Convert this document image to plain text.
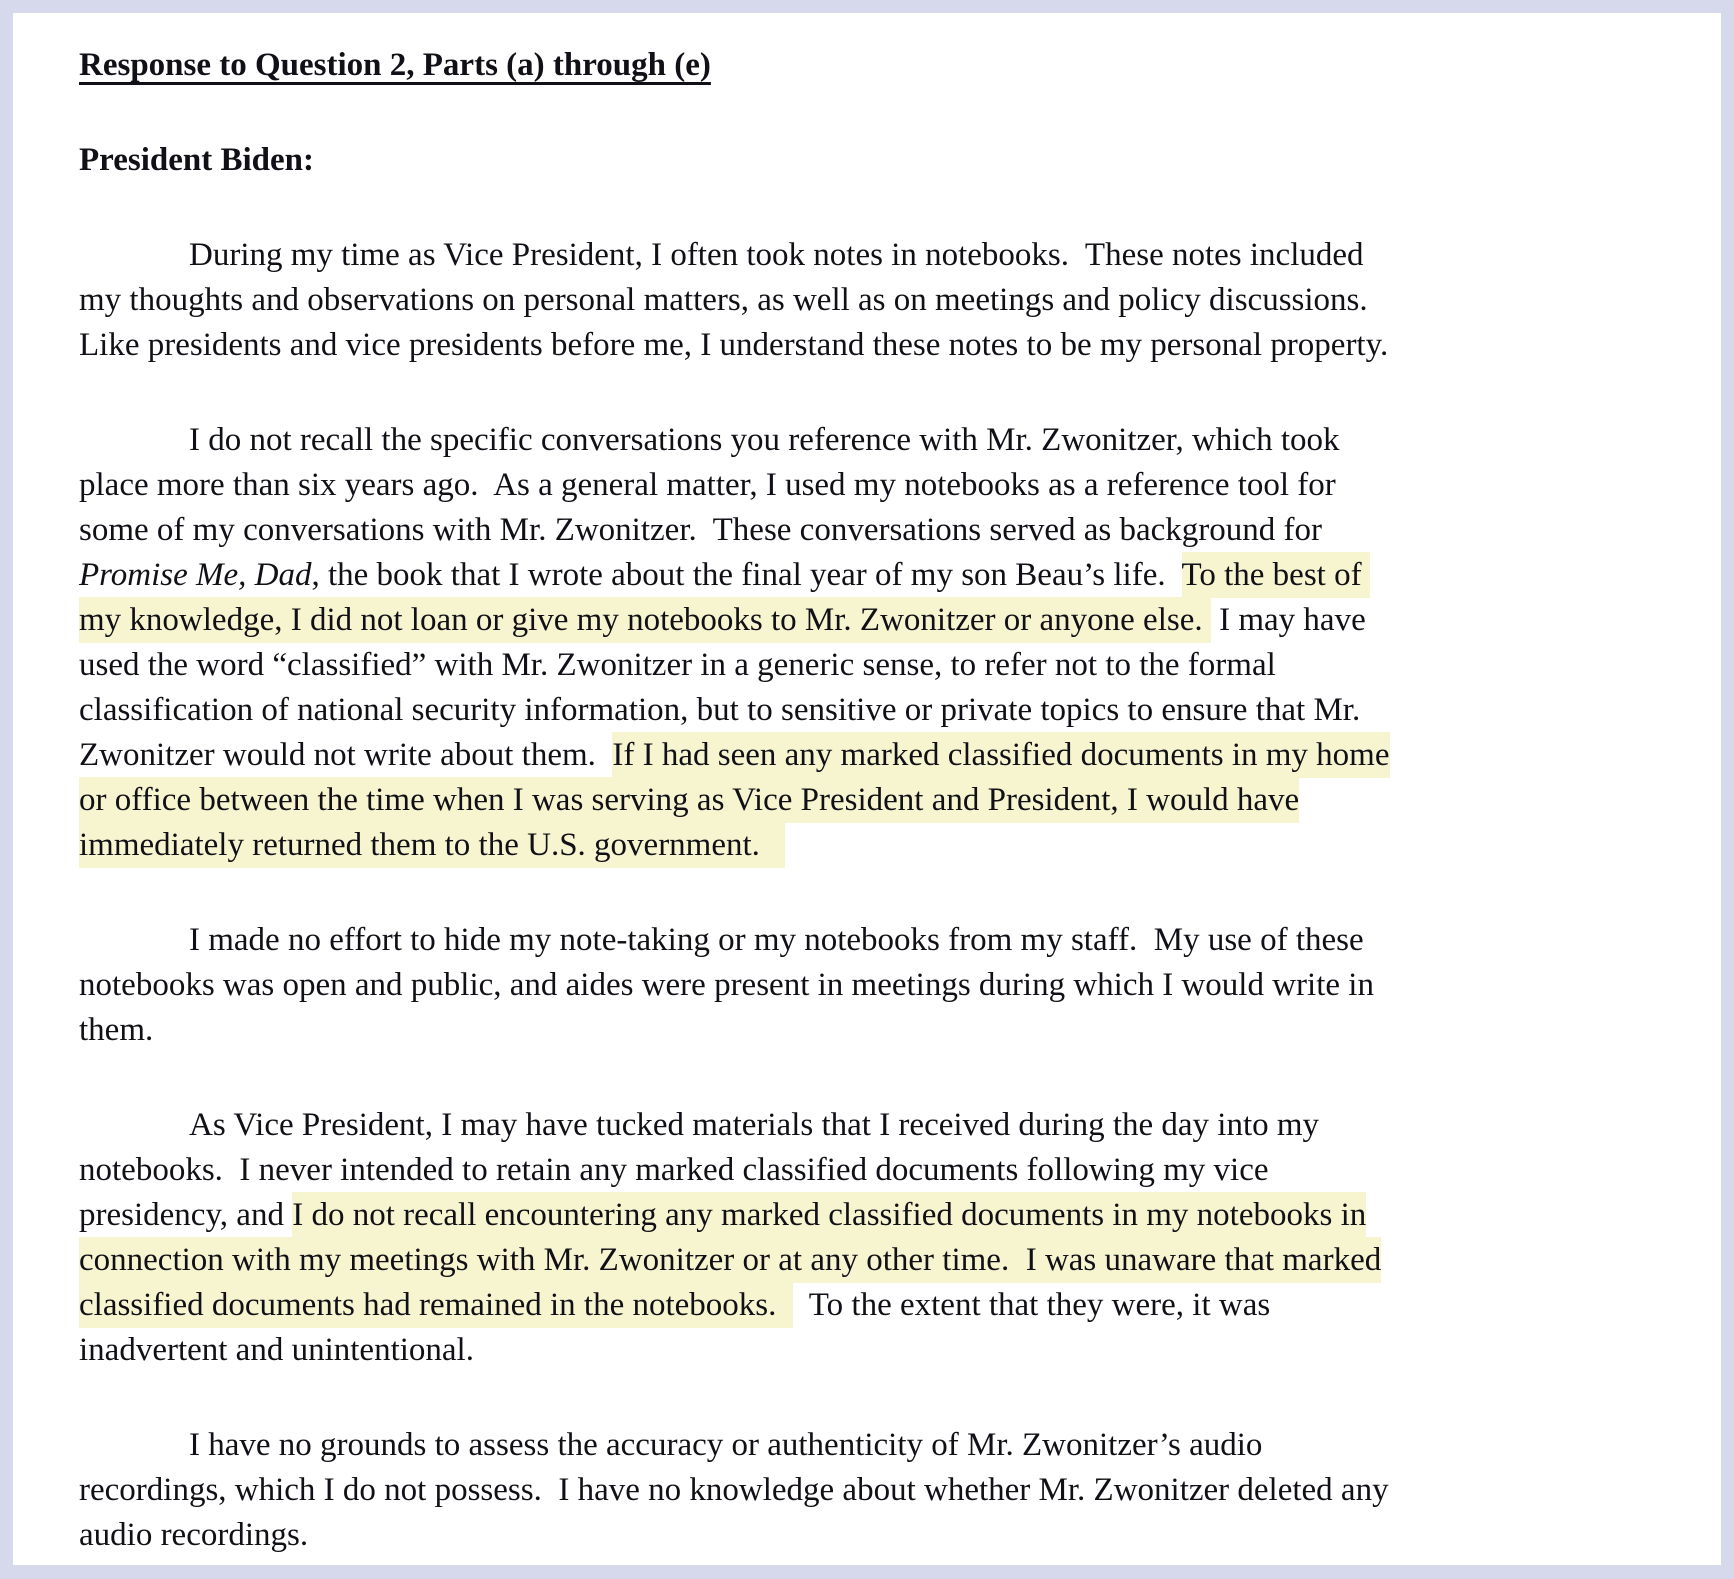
Response to Question 2, Parts (a) through (e)
President Biden:
During my time as Vice President, I often took notes in notebooks.  These notes included
my thoughts and observations on personal matters, as well as on meetings and policy discussions.
Like presidents and vice presidents before me, I understand these notes to be my personal property.
I do not recall the specific conversations you reference with Mr. Zwonitzer, which took
place more than six years ago.  As a general matter, I used my notebooks as a reference tool for
some of my conversations with Mr. Zwonitzer.  These conversations served as background for
Promise Me, Dad, the book that I wrote about the final year of my son Beau’s life.  To the best of
my knowledge, I did not loan or give my notebooks to Mr. Zwonitzer or anyone else.  I may have
used the word “classified” with Mr. Zwonitzer in a generic sense, to refer not to the formal
classification of national security information, but to sensitive or private topics to ensure that Mr.
Zwonitzer would not write about them.  If I had seen any marked classified documents in my home
or office between the time when I was serving as Vice President and President, I would have
immediately returned them to the U.S. government.
I made no effort to hide my note-taking or my notebooks from my staff.  My use of these
notebooks was open and public, and aides were present in meetings during which I would write in
them.
As Vice President, I may have tucked materials that I received during the day into my
notebooks.  I never intended to retain any marked classified documents following my vice
presidency, and I do not recall encountering any marked classified documents in my notebooks in
connection with my meetings with Mr. Zwonitzer or at any other time.  I was unaware that marked
classified documents had remained in the notebooks.    To the extent that they were, it was
inadvertent and unintentional.
I have no grounds to assess the accuracy or authenticity of Mr. Zwonitzer’s audio
recordings, which I do not possess.  I have no knowledge about whether Mr. Zwonitzer deleted any
audio recordings.
